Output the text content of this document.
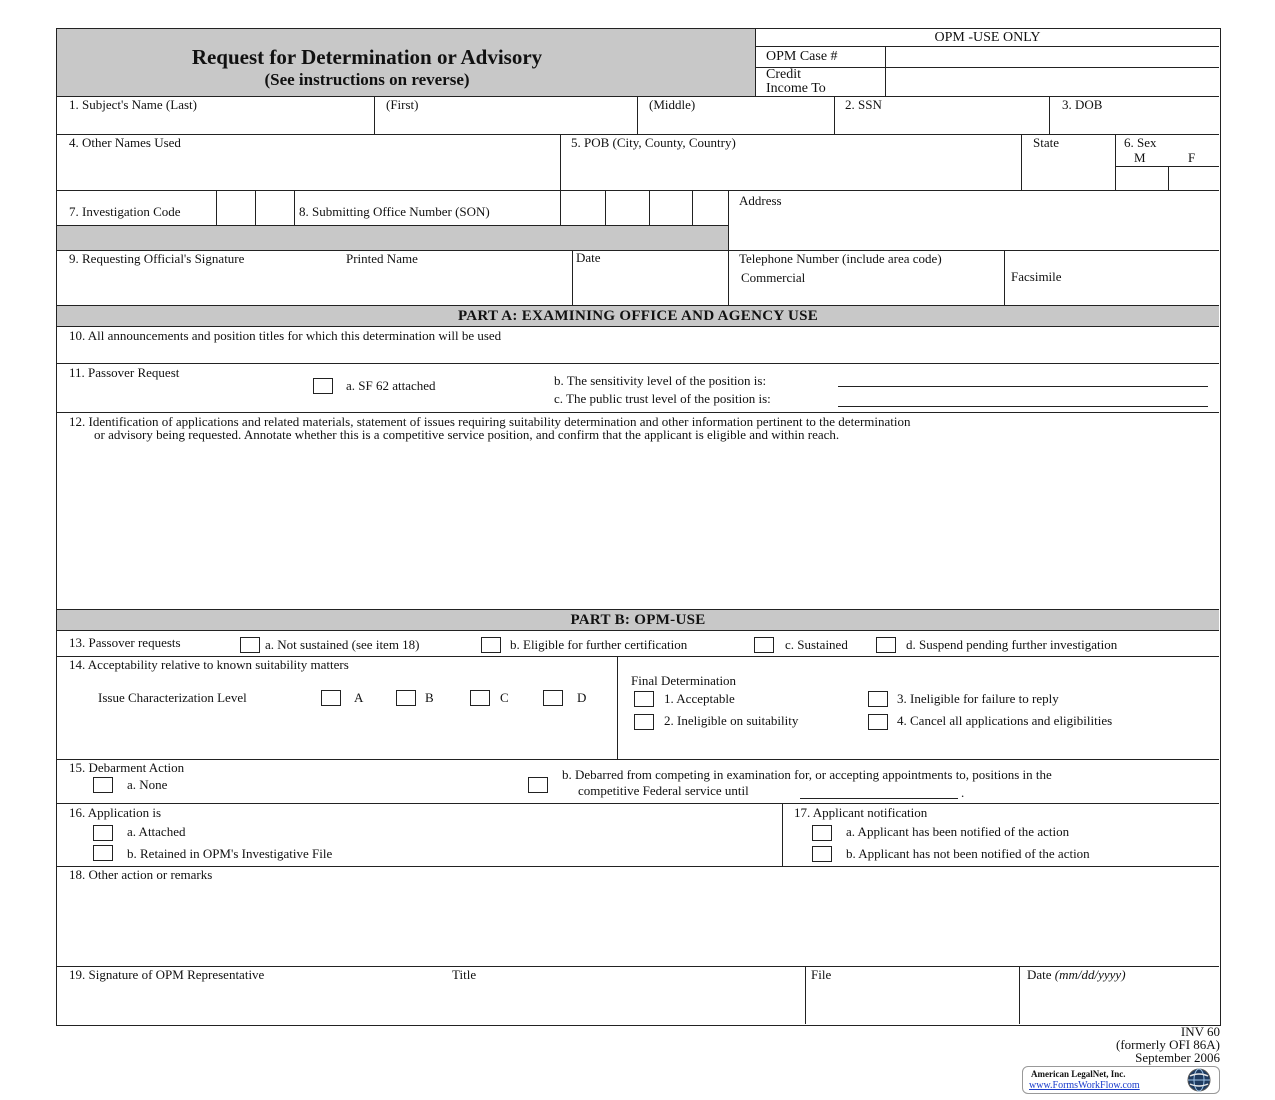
Request for Determination or Advisory
(See instructions on reverse)
OPM -USE ONLY
OPM Case #
Credit
Income To
1. Subject's Name (Last)	(First)	(Middle)	2. SSN	3. DOB
4. Other Names Used	5. POB (City, County, Country)	State	6. Sex
M	F
7. Investigation Code	8. Submitting Office Number (SON)
Address
9. Requesting Official's Signature	Printed Name	Date	Telephone Number (include area code)
Commercial	Facsimile
PART A: EXAMINING OFFICE AND AGENCY USE
10. All announcements and position titles for which this determination will be used
11. Passover Request
a. SF 62 attached	b. The sensitivity level of the position is:
c. The public trust level of the position is:
12. Identification of applications and related materials, statement of issues requiring suitability determination and other information pertinent to the determination
or advisory being requested. Annotate whether this is a competitive service position, and confirm that the applicant is eligible and within reach.
PART B: OPM-USE
13. Passover requests	a. Not sustained (see item 18)	b. Eligible for further certification	c. Sustained	d. Suspend pending further investigation
14. Acceptability relative to known suitability matters
Issue Characterization Level	A	B	C	D
Final Determination
1. Acceptable
2. Ineligible on suitability
3. Ineligible for failure to reply
4. Cancel all applications and eligibilities
15. Debarment Action
a. None
b. Debarred from competing in examination for, or accepting appointments to, positions in the
competitive Federal service until	.
16. Application is
a. Attached
b. Retained in OPM's Investigative File
17. Applicant notification
a. Applicant has been notified of the action
b. Applicant has not been notified of the action
18. Other action or remarks
19. Signature of OPM Representative	Title	File	Date (mm/dd/yyyy)
INV 60
(formerly OFI 86A)
September 2006
American LegalNet, Inc.
www.FormsWorkFlow.com
